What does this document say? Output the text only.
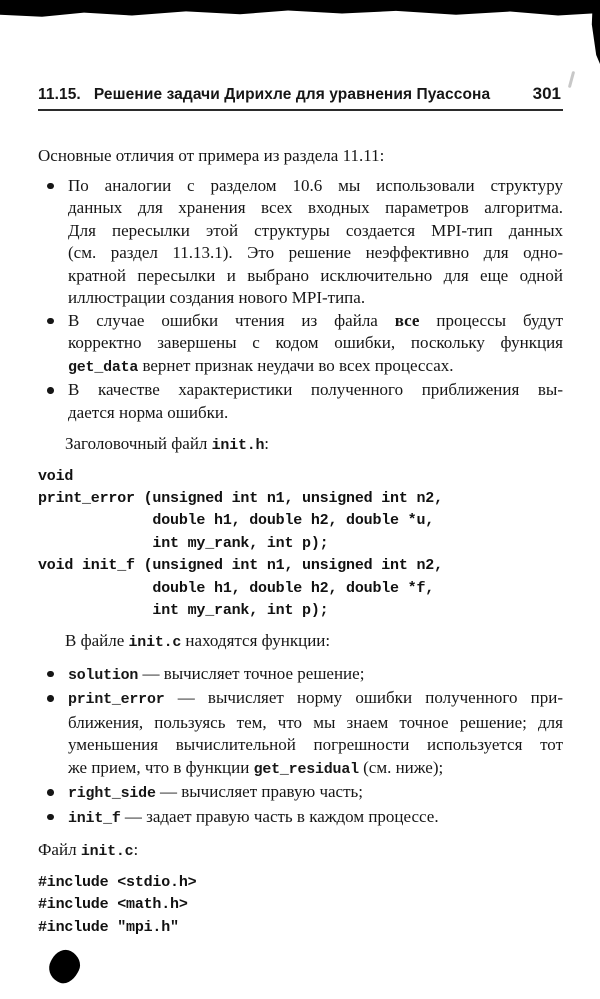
11.15. Решение задачи Дирихле для уравнения Пуассона 301
Основные отличия от примера из раздела 11.11:
По аналогии с разделом 10.6 мы использовали структуру
данных для хранения всех входных параметров алгоритма.
Для пересылки этой структуры создается MPI-тип данных
(см. раздел 11.13.1). Это решение неэффективно для одно-
кратной пересылки и выбрано исключительно для еще одной
иллюстрации создания нового MPI-типа.
В случае ошибки чтения из файла все процессы будут
корректно завершены с кодом ошибки, поскольку функция
get_data вернет признак неудачи во всех процессах.
В качестве характеристики полученного приближения вы-
дается норма ошибки.
Заголовочный файл init.h:
void
print_error (unsigned int n1, unsigned int n2,
double h1, double h2, double *u,
int my_rank, int p);
void init_f (unsigned int n1, unsigned int n2,
double h1, double h2, double *f,
int my_rank, int p);
В файле init.c находятся функции:
solution — вычисляет точное решение;
print_error — вычисляет норму ошибки полученного при-
ближения, пользуясь тем, что мы знаем точное решение; для
уменьшения вычислительной погрешности используется тот
же прием, что в функции get_residual (см. ниже);
right_side — вычисляет правую часть;
init_f — задает правую часть в каждом процессе.
Файл init.c:
#include <stdio.h>
#include <math.h>
#include "mpi.h"
